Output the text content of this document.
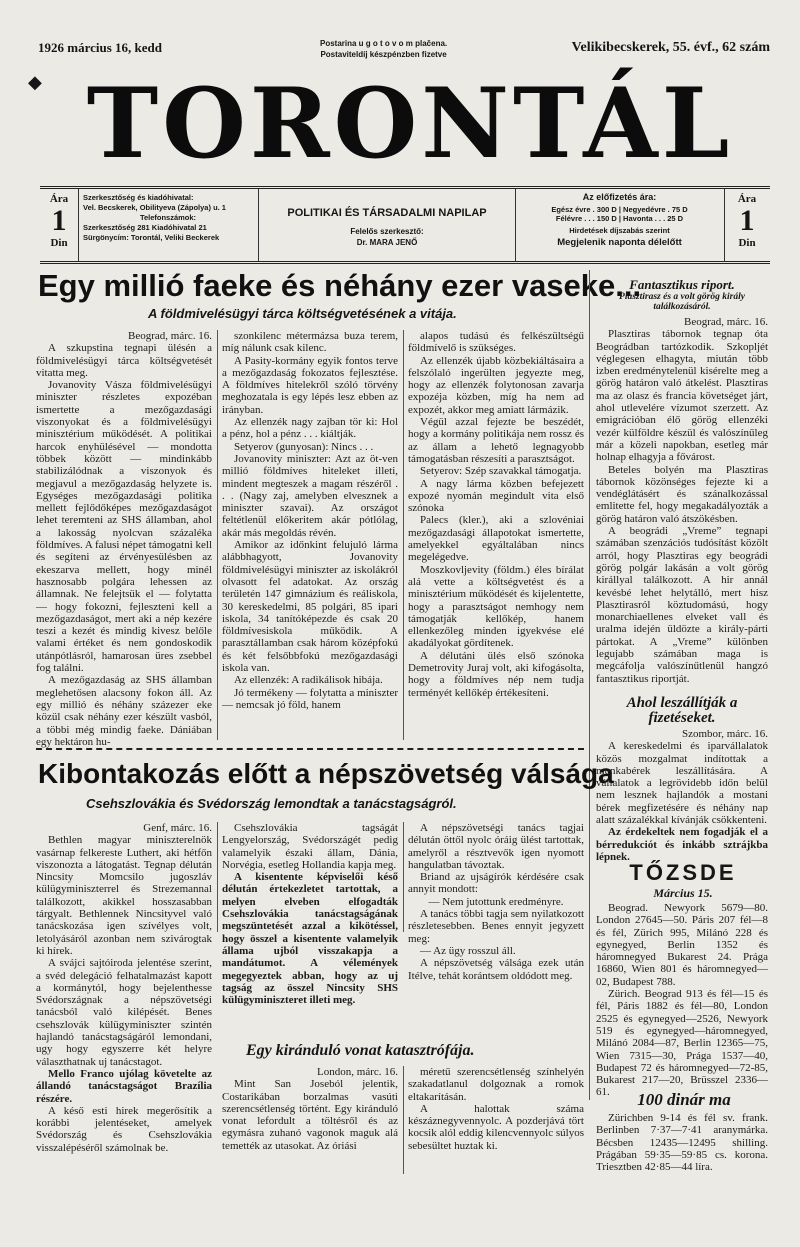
1926 március 16, kedd	Postarina u g o t o v o m plačena.
Postaviteldíj készpénzben fizetve	Velikibecskerek, 55. évf., 62 szám
◆ TORONTÁL
Ára
1
Din
Szerkesztőség és kiadóhivatal:
Vel. Becskerek, Obilityeva (Zápolya) u. 1
Telefonszámok:
Szerkesztőség 281 Kiadóhivatal 21
Sürgönycím: Torontál, Veliki Beckerek
POLITIKAI ÉS TÁRSADALMI NAPILAP
Felelős szerkesztő:
Dr. MARA JENŐ
Az előfizetés ára:
Egész évre . 300 D | Negyedévre . 75 D
Félévre . . . 150 D | Havonta . . . 25 D
Hirdetések díjszabás szerint
Megjelenik naponta délelőtt
Ára
1
Din
Egy millió faeke és néhány ezer vaseke...
A földmivelésügyi tárca költségvetésének a vitája.

Beograd, márc. 16.

A szkupstina tegnapi ülésén a földmivelésügyi tárca költségvetését vitatta meg.

Jovanovity Vásza földmivelésügyi miniszter részletes expozéban ismertette a mezőgazdasági viszonyokat és a földmivelésügyi minisztérium működését. A politikai harcok enyhülésével — mondotta többek között — mindinkább stabilizálódnak a viszonyok és megjavul a mezőgazdaság helyzete is. Egységes mezőgazdasági politika mellett fejlődőképes mezőgazdaságot lehet teremteni az SHS államban, ahol a lakosság nyolcvan százaléka földmíves. A falusi népet támogatni kell és segíteni az érvényesülésben az ekeszarva mellett, hogy minél hasznosabb polgára lehessen az államnak. Ne felejtsük el — folytatta — hogy fokozni, fejleszteni kell a mezőgazdaságot, mert aki a nép kezére teszi a kezét és mindig kivesz belőle valami értéket és nem gondoskodik utánpótlásról, hamarosan üres zsebbel fog találni.

A mezőgazdaság az SHS államban meglehetősen alacsony fokon áll. Az egy millió és néhány százezer eke közül csak néhány ezer készült vasból, a többi még mindig faeke. Dániában egy hektáron hu-

szonkilenc métermázsa buza terem, míg nálunk csak kilenc.

A Pasity-kormány egyik fontos terve a mezőgazdaság fokozatos fejlesztése. A földmíves hitelekről szóló törvény meghozatala is egy lépés lesz ebben az irányban.

Az ellenzék nagy zajban tör ki: Hol a pénz, hol a pénz . . . kiáltják.

Setyerov (gunyosan): Nincs . . .

Jovanovity miniszter: Azt az öt-ven millió földmíves hiteleket illeti, mindent megteszek a magam részéről . . . (Nagy zaj, amelyben elvesznek a miniszter szavai). Az országot feltétlenül előkeritem akár pótlólag, akár más megoldás révén.

Amikor az időnkint felujuló lárma alábbhagyott, Jovanovity földmivelésügyi miniszter az iskolákról olvasott fel adatokat. Az ország területén 147 gimnázium és reáliskola, 30 kereskedelmi, 85 polgári, 85 ipari iskola, 34 tanítóképezde és csak 20 földmívesiskola működik. A parasztállamban csak három középfokú és két felsőbbfokú mezőgazdasági iskola van.

Az ellenzék: A radikálisok hibája.

Jó termékeny — folytatta a miniszter — nemcsak jó föld, hanem

alapos tudású és felkészültségű földmívelő is szükséges.

Az ellenzék újabb közbekiáltásaira a felszólaló ingerülten jegyezte meg, hogy az ellenzék folytonosan zavarja expozéja közben, míg ha nem ad expozét, akkor meg amiatt lármázik.

Végül azzal fejezte be beszédét, hogy a kormány politikája nem rossz és az állam a lehető legnagyobb támogatásban részesíti a parasztságot.

Setyerov: Szép szavakkal támogatja.

A nagy lárma közben befejezett expozé nyomán megindult vita első szónoka

Palecs (kler.), aki a szlovéniai mezőgazdasági állapotokat ismertette, amelyekkel egyáltalában nincs megelégedve.

Moszkovljevity (földm.) éles bírálat alá vette a költségvetést és a minisztérium működését és kijelentette, hogy a parasztságot nemhogy nem támogatják kellőkép, hanem ellenkezőleg minden igyekvése elé akadályokat gördítenek.

A délutáni ülés első szónoka Demetrovity Juraj volt, aki kifogásolta, hogy a földmíves nép nem tudja terményét kellőkép értékesíteni.

Kibontakozás előtt a népszövetség válsága
Csehszlovákia és Svédország lemondtak a tanácstagságról.

Genf, márc. 16.

Bethlen magyar miniszterelnök vasárnap felkereste Luthert, aki hétfőn viszonozta a látogatást. Tegnap délután Nincsity Momcsilo jugoszláv külügyminiszterrel és Strezemannal találkozott, akikkel hosszasabban tárgyalt. Bethlennek Nincsityvel való tanácskozása igen szívélyes volt, letolyásáról azonban nem szivárogtak ki hírek.

A svájci sajtóiroda jelentése szerint, a svéd delegáció felhatalmazást kapott a kormánytól, hogy bejelenthesse Svédországnak a népszövetségi tanácsból való kilépését. Benes csehszlovák külügyminiszter szintén hajlandó tanácstagságáról lemondani, ugy hogy egyszerre két helyre választhatnak uj tanácstagot.

Mello Franco ujólag követelte az állandó tanácstagságot Brazília részére.

A késő esti hirek megerősítik a korábbi jelentéseket, amelyek Svédország és Csehszlovákia visszalépéséről számolnak be.

Csehszlovákia tagságát Lengyelország, Svédországét pedig valamelyik északi állam, Dánia, Norvégia, esetleg Hollandia kapja meg.

A kisentente képviselői késő délután értekezletet tartottak, a melyen elveben elfogadták Csehszlovákia tanácstagságának megszüntetését azzal a kikötéssel, hogy összel a kisentente valamelyik állama ujból visszakapja a mandátumot. A vélemények megegyeztek abban, hogy az uj tagság az összel Nincsity SHS külügyminiszteret illeti meg.

A népszövetségi tanács tagjai délután öttől nyolc óráig ülést tartottak, amelyről a résztvevők igen nyomott hangulatban távoztak.

Briand az ujságírók kérdésére csak annyit mondott:

— Nem jutottunk eredményre.

A tanács többi tagja sem nyilatkozott részletesebben. Benes ennyit jegyzett meg:

— Az ügy rosszul áll.

A népszövetség válsága ezek után Itélve, tehát korántsem oldódott meg.

Egy kiránduló vonat katasztrófája.

London, márc. 16.

Mint San Joseból jelentik, Costarikában borzalmas vasúti szerencsétlenség történt. Egy kiránduló vonat lefordult a töltésről és az egymásra zuhanó vagonok maguk alá temették az utasokat. Az óriási

méretű szerencsétlenség színhelyén szakadatlanul dolgoznak a romok eltakarításán.

A halottak száma készáznegyvennyolc. A pozderjává tört kocsik alól eddig kilencvennyolc súlyos sebesültet huztak ki.

Fantasztikus riport.
Plasztirasz és a volt görög király találkozásáról.

Beograd, márc. 16.

Plasztiras tábornok tegnap óta Beográdban tartózkodik. Szkopljét véglegesen elhagyta, miután több izben eredménytelenül kisérelte meg a görög határon való átkelést. Plasztiras ma az olasz és francia követséget járt, ahol utlevelére vízumot szerzett. Az emigrációban élő görög ellenzéki vezér külföldre készül és valószínűleg már a közeli napokban, esetleg már holnap elhagyja a fővárost.

Beteles bolyén ma Plasztiras tábornok közönséges fejezte ki a vendéglátásért és szánalkozással emlitette fel, hogy megakadályozták a görög határon való átszökésben.

A beográdi „Vreme” tegnapi számában szenzációs tudósítást közölt arról, hogy Plasztiras egy beográdi görög polgár lakásán a volt görög királlyal találkozott. A hir annál kevésbé lehet helytálló, mert hisz Plasztirasról köztudomású, hogy monarchiaellenes elveket vall és uralma idején üldözte a király-párti pártokat. A „Vreme” különben legujabb számában maga is megcáfolja valószínűtlenül hangzó fantasztikus riportját.

Ahol leszállítják a fizetéseket.

Szombor, márc. 16.

A kereskedelmi és iparvállalatok közös mozgalmat indítottak a munkabérek leszállítására. A vállalatok a legrövidebb időn belül nem lesznek hajlandók a mostani bérek megfizetésére és néhány nap alatt százalékkal kívánják csökkenteni.

Az érdekeltek nem fogadják el a bérredukciót és inkább sztrájkba lépnek.

TŐZSDE
Március 15.

Beograd. Newyork 5679—80. London 27645—50. Páris 207 fél—8 és fél, Zürich 995, Milánó 228 és egynegyed, Berlin 1352 és háromnegyed Bukarest 24. Prága 16860, Wien 801 és háromnegyed—02, Budapest 788.

Zürich. Beograd 913 és fél—15 és fél, Páris 1882 és fél—80, London 2525 és egynegyed—2526, Newyork 519 és egynegyed—háromnegyed, Milánó 2084—87, Berlin 12365—75, Wien 7315—30, Prága 1537—40, Budapest 72 és háromnegyed—72-85, Bukarest 217—20, Brüsszel 2336—61.	100 dinár ma

Zürichben 9-14 és fél sv. frank. Berlinben 7·37—7·41 aranymárka. Bécsben 12435—12495 shilling. Prágában 59·35—59·85 cs. korona. Triesztben 42·85—44 líra.
